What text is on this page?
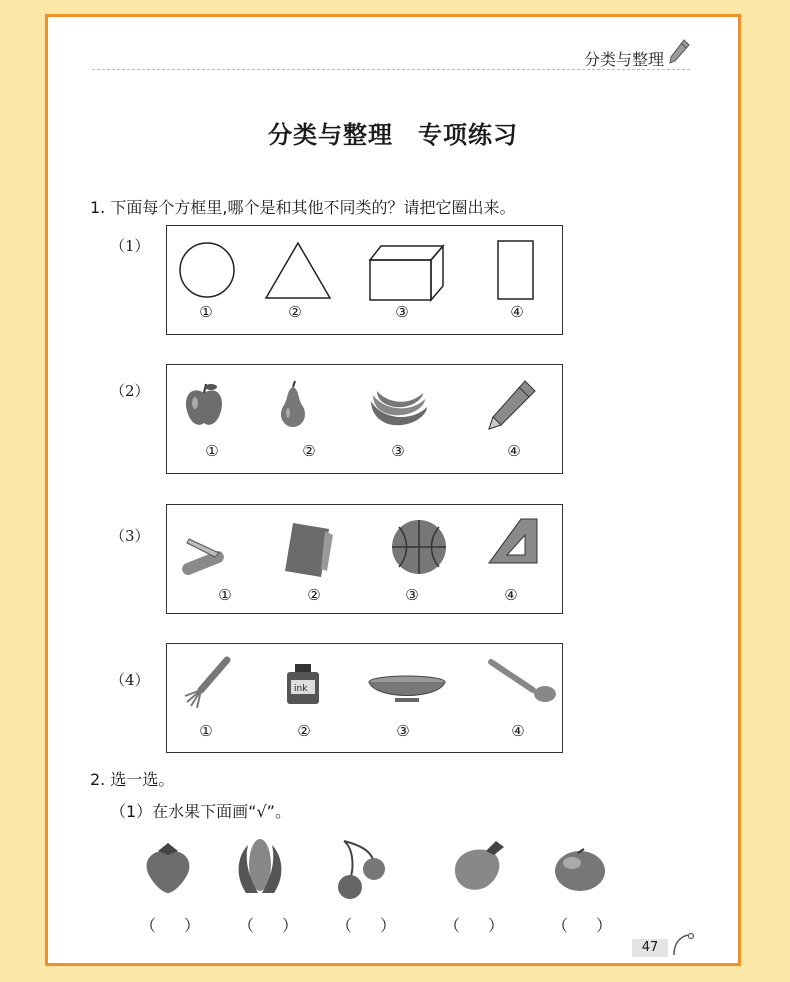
分类与整理
分类与整理　专项练习
1. 下面每个方框里,哪个是和其他不同类的？请把它圈出来。
（1）
①	②	③	④
（2）
①	②	③	④
（3）
①	②	③	④
（4）	ink
①	②	③	④
2. 选一选。
（1）在水果下面画“√”。
（ ） （ ） （ ）	（ ）	（ ）
47
